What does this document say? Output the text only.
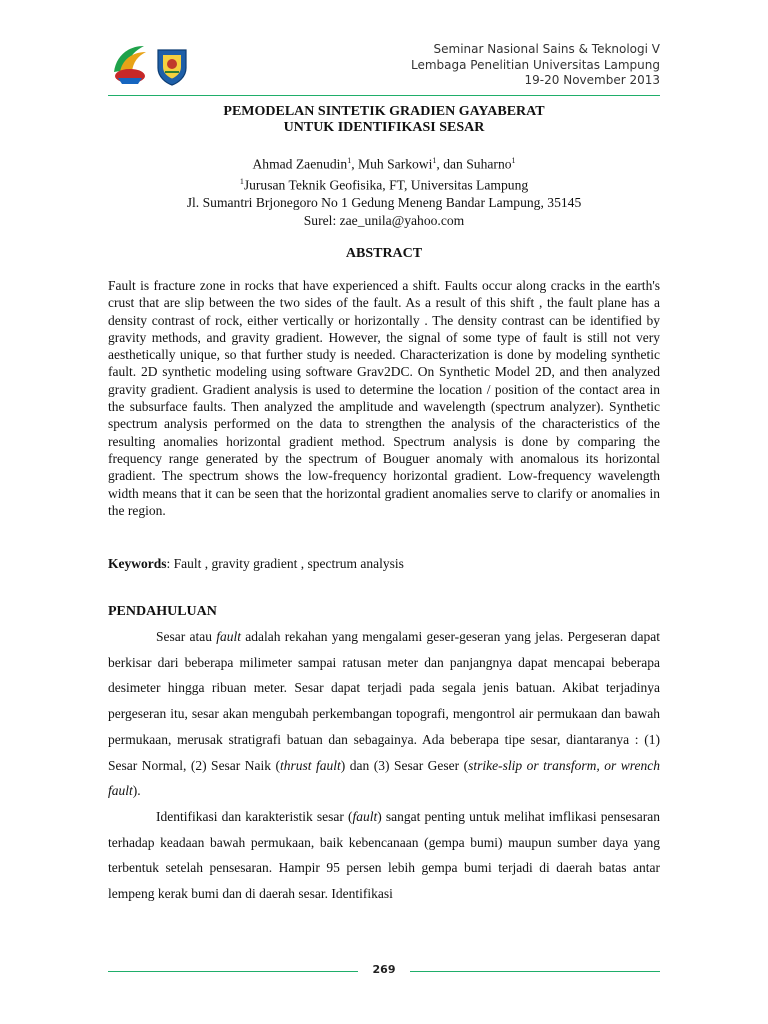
Seminar Nasional Sains & Teknologi V
Lembaga Penelitian Universitas Lampung
19-20 November 2013
PEMODELAN SINTETIK GRADIEN GAYABERAT
UNTUK IDENTIFIKASI SESAR
Ahmad Zaenudin$^1$, Muh Sarkowi$^1$, dan Suharno$^1$
$^1$Jurusan Teknik Geofisika, FT, Universitas Lampung
Jl. Sumantri Brjonegoro No 1 Gedung Meneng Bandar Lampung, 35145
Surel: zae_unila@yahoo.com
ABSTRACT

Fault is fracture zone in rocks that have experienced a shift. Faults occur along cracks in the earth's crust that are slip between the two sides of the fault. As a result of this shift , the fault plane has a density contrast of rock, either vertically or horizontally . The density contrast can be identified by gravity methods, and gravity gradient. However, the signal of some type of fault is still not very aesthetically unique, so that further study is needed. Characterization is done by modeling synthetic fault. 2D synthetic modeling using software Grav2DC. On Synthetic Model 2D, and then analyzed gravity gradient. Gradient analysis is used to determine the location / position of the contact area in the subsurface faults. Then analyzed the amplitude and wavelength (spectrum analyzer). Synthetic spectrum analysis performed on the data to strengthen the analysis of the characteristics of the resulting anomalies horizontal gradient method. Spectrum analysis is done by comparing the frequency range generated by the spectrum of Bouguer anomaly with anomalous its horizontal gradient. The spectrum shows the low-frequency horizontal gradient. Low-frequency wavelength width means that it can be seen that the horizontal gradient anomalies serve to clarify or anomalies in the region.

Keywords: Fault , gravity gradient , spectrum analysis
PENDAHULUAN

Sesar atau fault adalah rekahan yang mengalami geser-geseran yang jelas. Pergeseran dapat berkisar dari beberapa milimeter sampai ratusan meter dan panjangnya dapat mencapai beberapa desimeter hingga ribuan meter. Sesar dapat terjadi pada segala jenis batuan. Akibat terjadinya pergeseran itu, sesar akan mengubah perkembangan topografi, mengontrol air permukaan dan bawah permukaan, merusak stratigrafi batuan dan sebagainya. Ada beberapa tipe sesar, diantaranya : (1) Sesar Normal, (2) Sesar Naik (thrust fault) dan (3) Sesar Geser (strike-slip or transform, or wrench fault).

Identifikasi dan karakteristik sesar (fault) sangat penting untuk melihat imflikasi pensesaran terhadap keadaan bawah permukaan, baik kebencanaan (gempa bumi) maupun sumber daya yang terbentuk setelah pensesaran. Hampir 95 persen lebih gempa bumi terjadi di daerah batas antar lempeng kerak bumi dan di daerah sesar. Identifikasi

269
